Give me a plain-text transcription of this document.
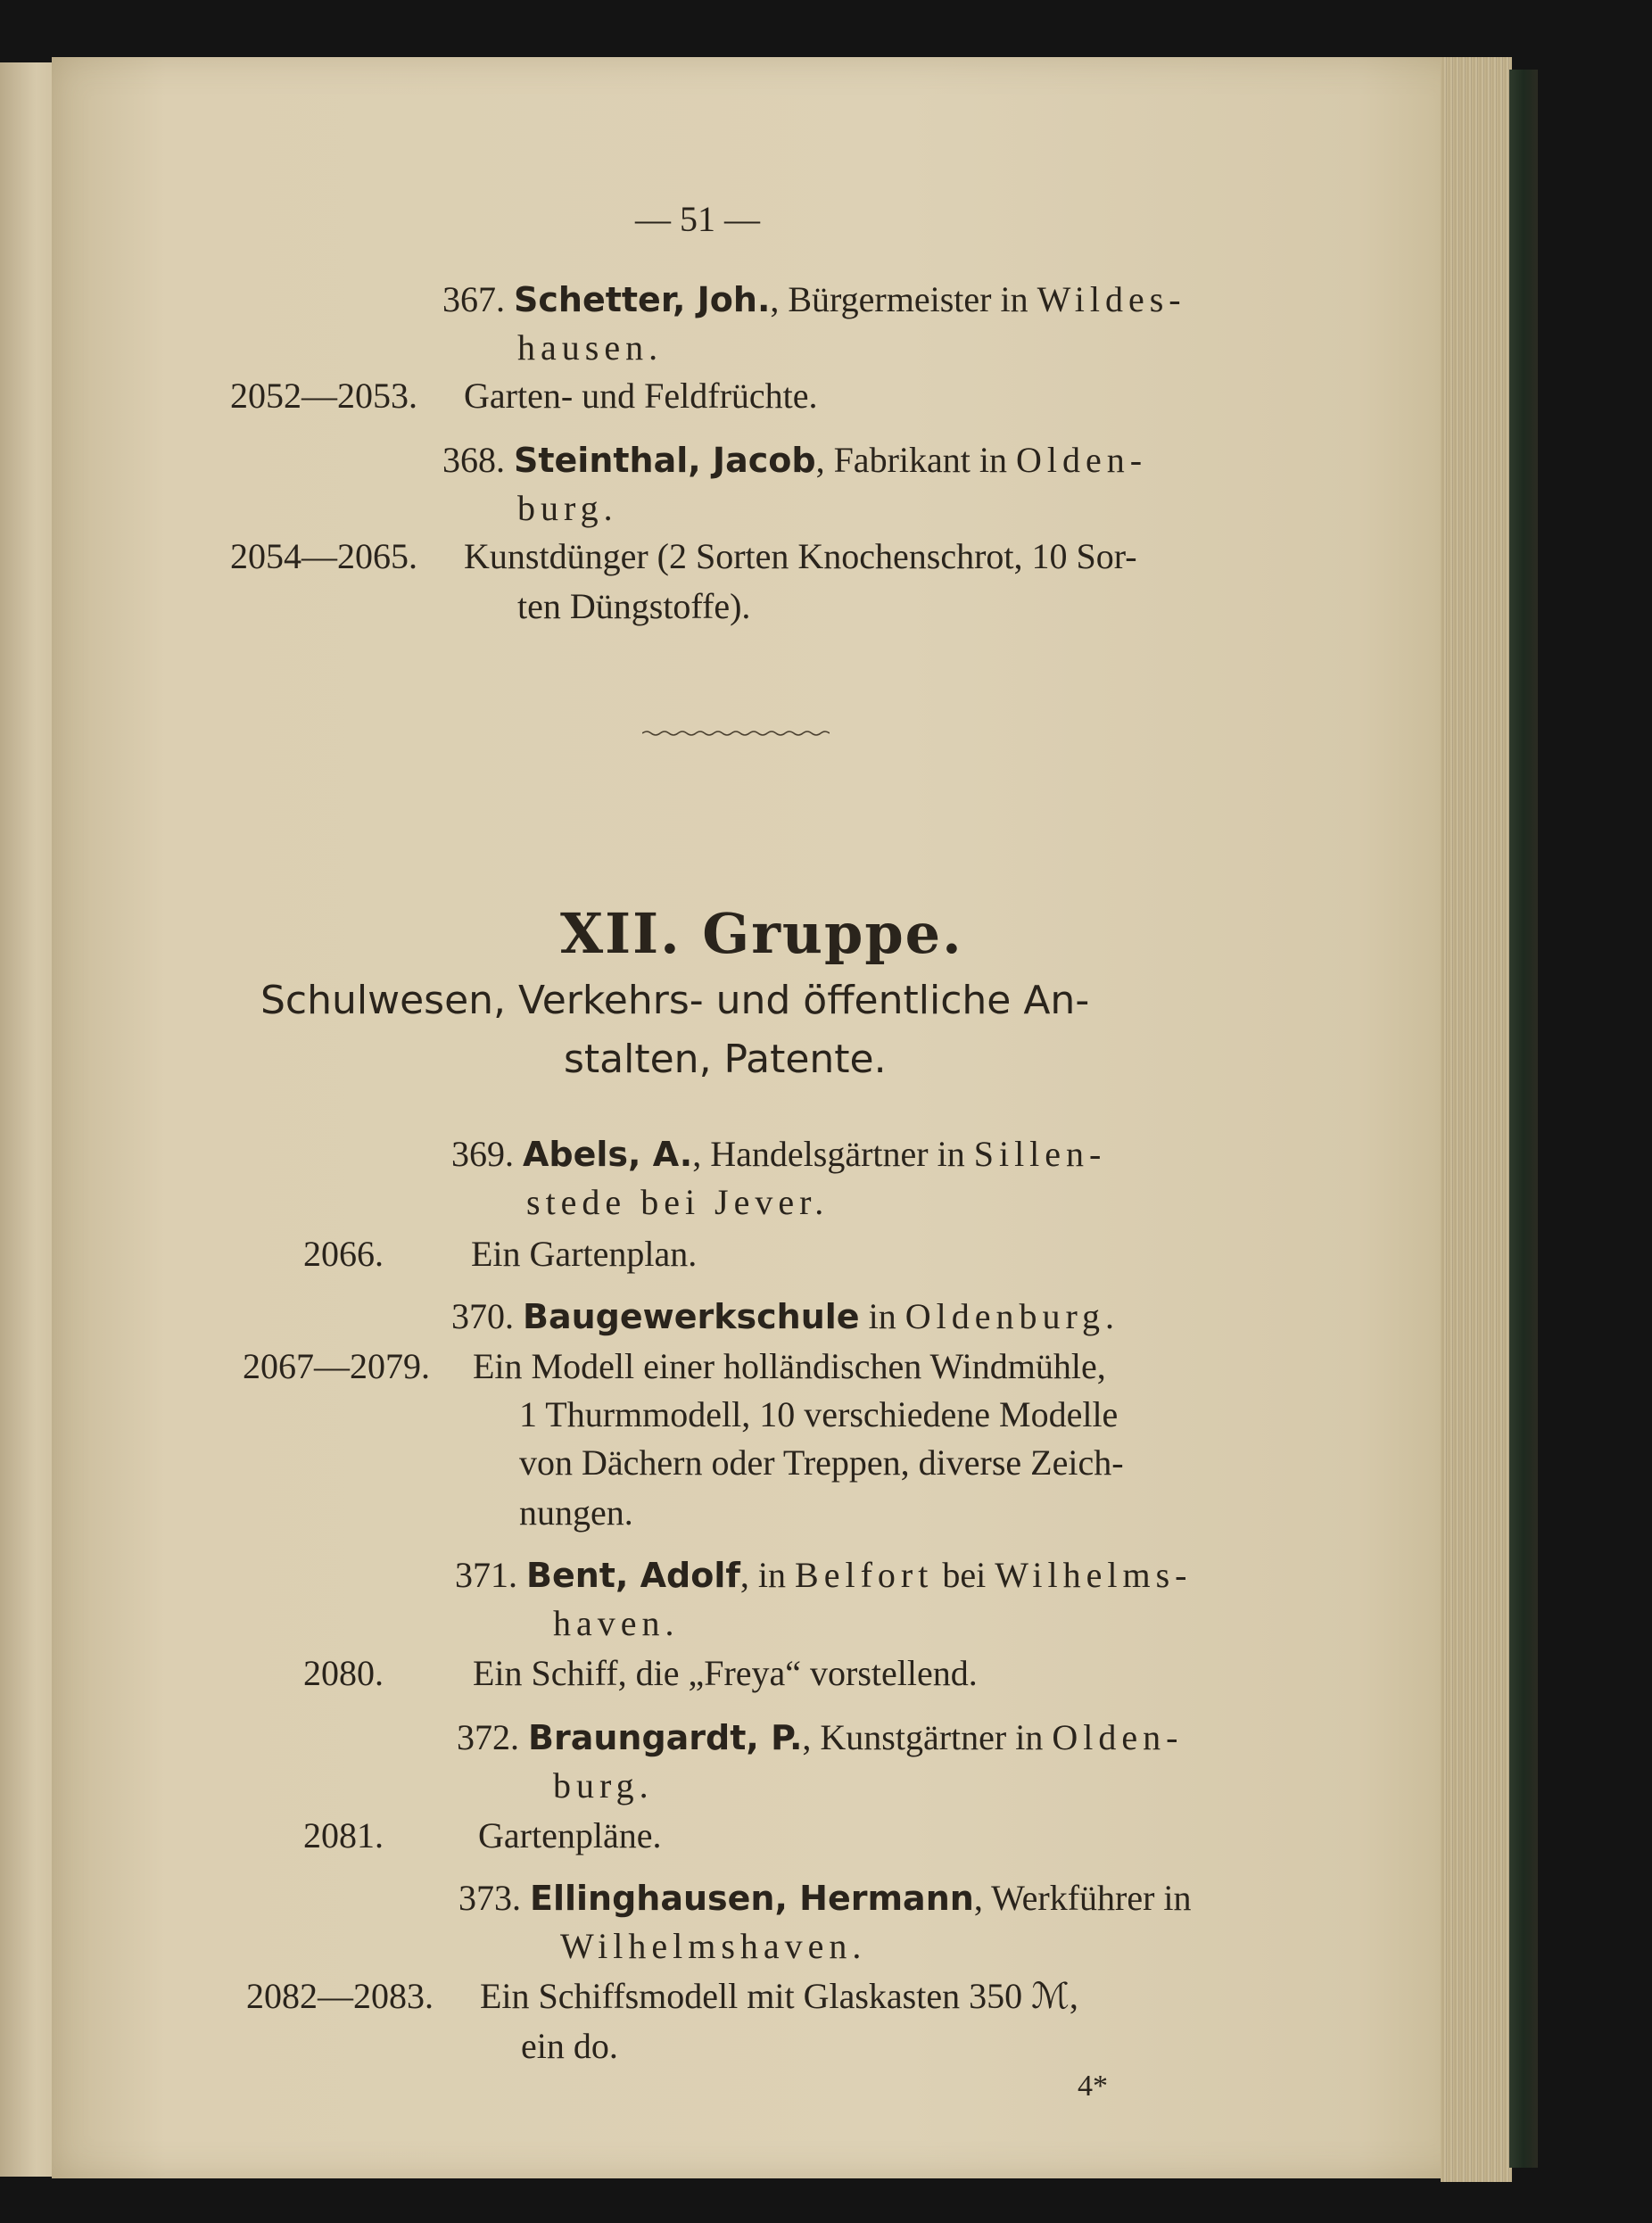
— 51 —
367. Schetter, Joh., Bürgermeister in Wildes-
hausen.
2052—2053. Garten- und Feldfrüchte.
368. Steinthal, Jacob, Fabrikant in Olden-
burg.
2054—2065. Kunstdünger (2 Sorten Knochenschrot, 10 Sor-
ten Düngstoffe).
XII. Gruppe.
Schulwesen, Verkehrs- und öffentliche An-
stalten, Patente.
369. Abels, A., Handelsgärtner in Sillen-
stede bei Jever.
2066. Ein Gartenplan.
370. Baugewerkschule in Oldenburg.
2067—2079. Ein Modell einer holländischen Windmühle,
1 Thurmmodell, 10 verschiedene Modelle
von Dächern oder Treppen, diverse Zeich-
nungen.
371. Bent, Adolf, in Belfort bei Wilhelms-
haven.
2080.	Ein Schiff, die „Freya“ vorstellend.
372. Braungardt, P., Kunstgärtner in Olden-
burg.
2081.	Gartenpläne.
373. Ellinghausen, Hermann, Werkführer in
Wilhelmshaven.
2082—2083. Ein Schiffsmodell mit Glaskasten 350 ℳ,
ein do.
4*
